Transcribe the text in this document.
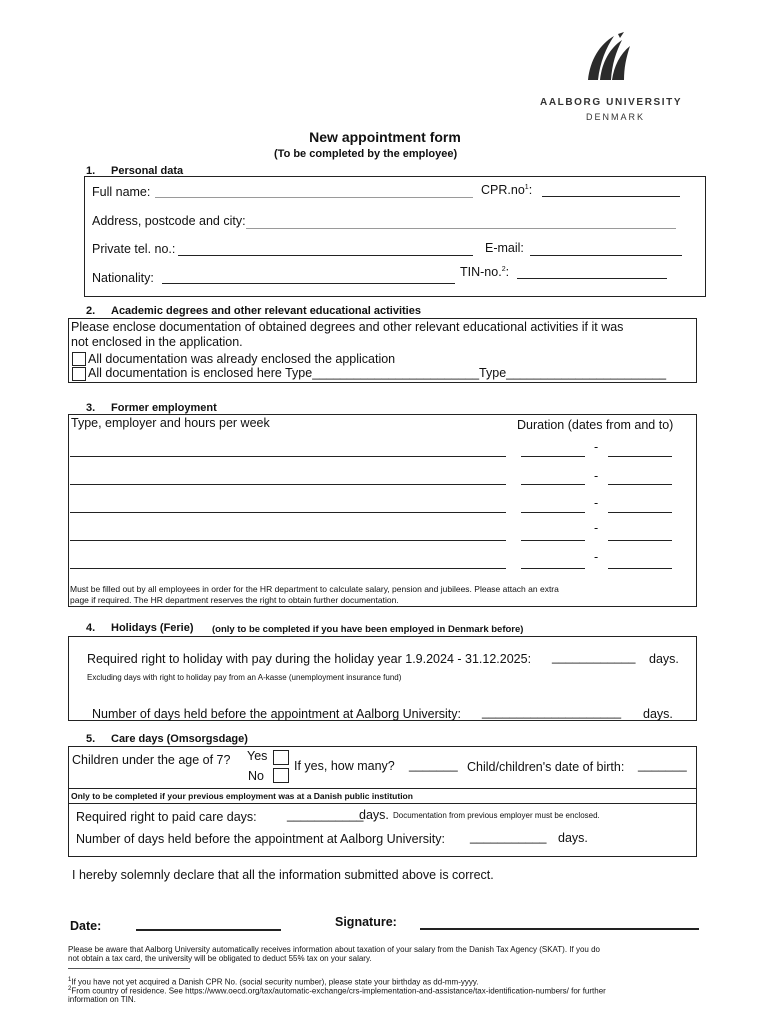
AALBORG UNIVERSITY
DENMARK
New appointment form
(To be completed by the employee)
1. Personal data
Full name:	$CPR.no^1$:
Address, postcode and city:
Private tel. no.:	E-mail:
Nationality:	TIN-no.$^2$:
2. Academic degrees and other relevant educational activities
Please enclose documentation of obtained degrees and other relevant educational activities if it was
not enclosed in the application.
All documentation was already enclosed the application
All documentation is enclosed here Type________________________Type_______________________
3. Former employment
Type, employer and hours per week	Duration (dates from and to)
-
-
-
-
-
Must be filled out by all employees in order for the HR department to calculate salary, pension and jubilees. Please attach an extra
page if required. The HR department reserves the right to obtain further documentation.
4. Holidays (Ferie) (only to be completed if you have been employed in Denmark before)
Required right to holiday with pay during the holiday year 1.9.2024 - 31.12.2025: ____________ days.
Excluding days with right to holiday pay from an A-kasse (unemployment insurance fund)
Number of days held before the appointment at Aalborg University: ____________________ days.
5. Care days (Omsorgsdage)
Children under the age of 7? Yes
No
If yes, how many? _______ Child/children's date of birth: _______
Only to be completed if your previous employment was at a Danish public institution
Required right to paid care days: ___________
days. Documentation from previous employer must be enclosed.
Number of days held before the appointment at Aalborg University: ___________ days.
I hereby solemnly declare that all the information submitted above is correct.
Date:	Signature:
Please be aware that Aalborg University automatically receives information about taxation of your salary from the Danish Tax Agency (SKAT). If you do
not obtain a tax card, the university will be obligated to deduct 55% tax on your salary.
$^1$If you have not yet acquired a Danish CPR No. (social security number), please state your birthday as dd-mm-yyyy.
$^2$From country of residence. See https://www.oecd.org/tax/automatic-exchange/crs-implementation-and-assistance/tax-identification-numbers/ for further
information on TIN.
